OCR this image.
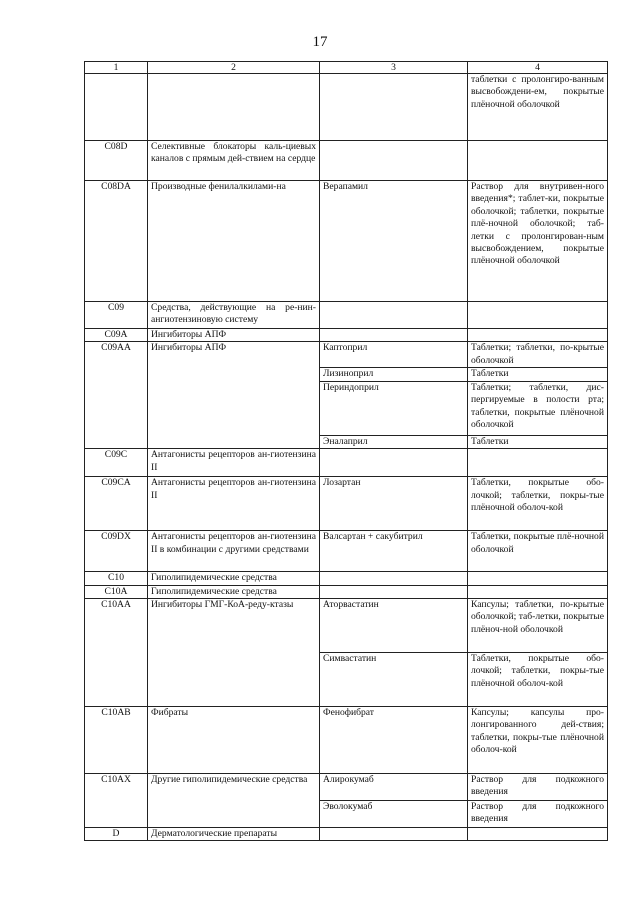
17
1	2	3	4
			таблетки с пролонгиро-ванным высвобождени-ем, покрытые плёночной оболочкой
C08D	Селективные блокаторы каль-циевых каналов с прямым дей-ствием на сердце		
C08DA	Производные фенилалкилами-на	Верапамил	Раствор для внутривен-ного введения*; таблет-ки, покрытые оболочкой; таблетки, покрытые плё-ночной оболочкой; таб-летки с пролонгирован-ным высвобождением, покрытые плёночной оболочкой
C09	Средства, действующие на ре-нин-ангиотензиновую систему		
C09A	Ингибиторы АПФ		
C09AA	Ингибиторы АПФ	Каптоприл	Таблетки; таблетки, по-крытые оболочкой
		Лизиноприл	Таблетки
		Периндоприл	Таблетки; таблетки, дис-пергируемые в полости рта; таблетки, покрытые плёночной оболочкой
		Эналаприл	Таблетки
C09C	Антагонисты рецепторов ан-гиотензина II		
C09CA	Антагонисты рецепторов ан-гиотензина II	Лозартан	Таблетки, покрытые обо-лочкой; таблетки, покры-тые плёночной оболоч-кой
C09DX	Антагонисты рецепторов ан-гиотензина II в комбинации с другими средствами	Валсартан + сакубитрил	Таблетки, покрытые плё-ночной оболочкой
C10	Гиполипидемические средства		
C10A	Гиполипидемические средства		
C10AA	Ингибиторы ГМГ-КоА-реду-ктазы	Аторвастатин	Капсулы; таблетки, по-крытые оболочкой; таб-летки, покрытые плёноч-ной оболочкой
		Симвастатин	Таблетки, покрытые обо-лочкой; таблетки, покры-тые плёночной оболоч-кой
C10AB	Фибраты	Фенофибрат	Капсулы; капсулы про-лонгированного дей-ствия; таблетки, покры-тые плёночной оболоч-кой
C10AX	Другие гиполипидемические средства	Алирокумаб	Раствор для подкожного введения
		Эволокумаб	Раствор для подкожного введения
D	Дерматологические препараты		
